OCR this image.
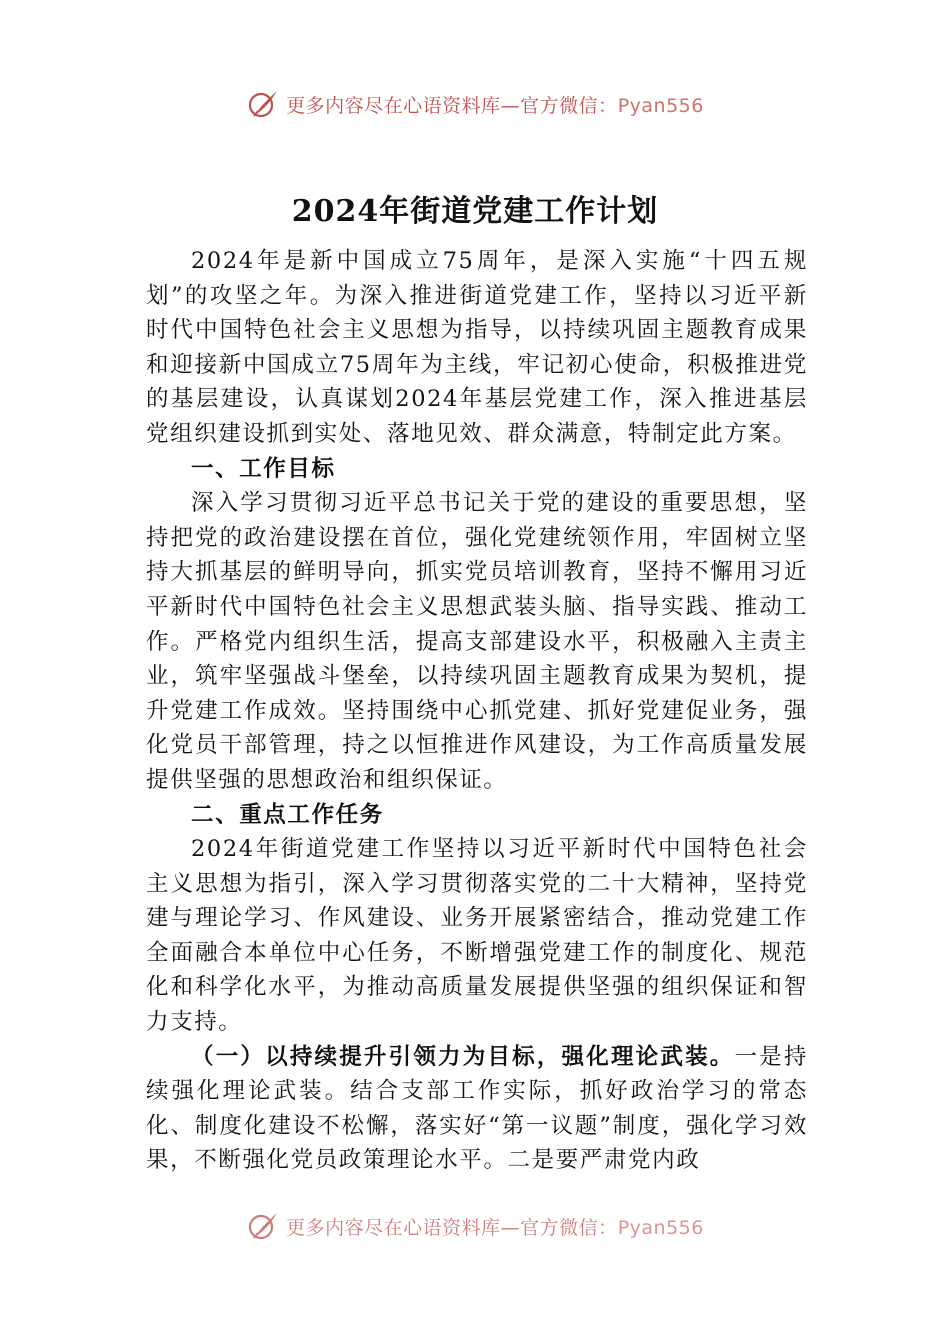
更多内容尽在心语资料库—官方微信：Pyan556
2024年街道党建工作计划

2024年是新中国成立75周年，是深入实施“十四五规划”的攻坚之年。为深入推进街道党建工作，坚持以习近平新时代中国特色社会主义思想为指导，以持续巩固主题教育成果和迎接新中国成立75周年为主线，牢记初心使命，积极推进党的基层建设，认真谋划2024年基层党建工作，深入推进基层党组织建设抓到实处、落地见效、群众满意，特制定此方案。

一、工作目标

深入学习贯彻习近平总书记关于党的建设的重要思想，坚持把党的政治建设摆在首位，强化党建统领作用，牢固树立坚持大抓基层的鲜明导向，抓实党员培训教育，坚持不懈用习近平新时代中国特色社会主义思想武装头脑、指导实践、推动工作。严格党内组织生活，提高支部建设水平，积极融入主责主业，筑牢坚强战斗堡垒，以持续巩固主题教育成果为契机，提升党建工作成效。坚持围绕中心抓党建、抓好党建促业务，强化党员干部管理，持之以恒推进作风建设，为工作高质量发展提供坚强的思想政治和组织保证。

二、重点工作任务

2024年街道党建工作坚持以习近平新时代中国特色社会主义思想为指引，深入学习贯彻落实党的二十大精神，坚持党建与理论学习、作风建设、业务开展紧密结合，推动党建工作全面融合本单位中心任务，不断增强党建工作的制度化、规范化和科学化水平，为推动高质量发展提供坚强的组织保证和智力支持。

（一）以持续提升引领力为目标，强化理论武装。一是持续强化理论武装。结合支部工作实际，抓好政治学习的常态化、制度化建设不松懈，落实好“第一议题”制度，强化学习效果，不断强化党员政策理论水平。二是要严肃党内政

更多内容尽在心语资料库—官方微信：Pyan556
